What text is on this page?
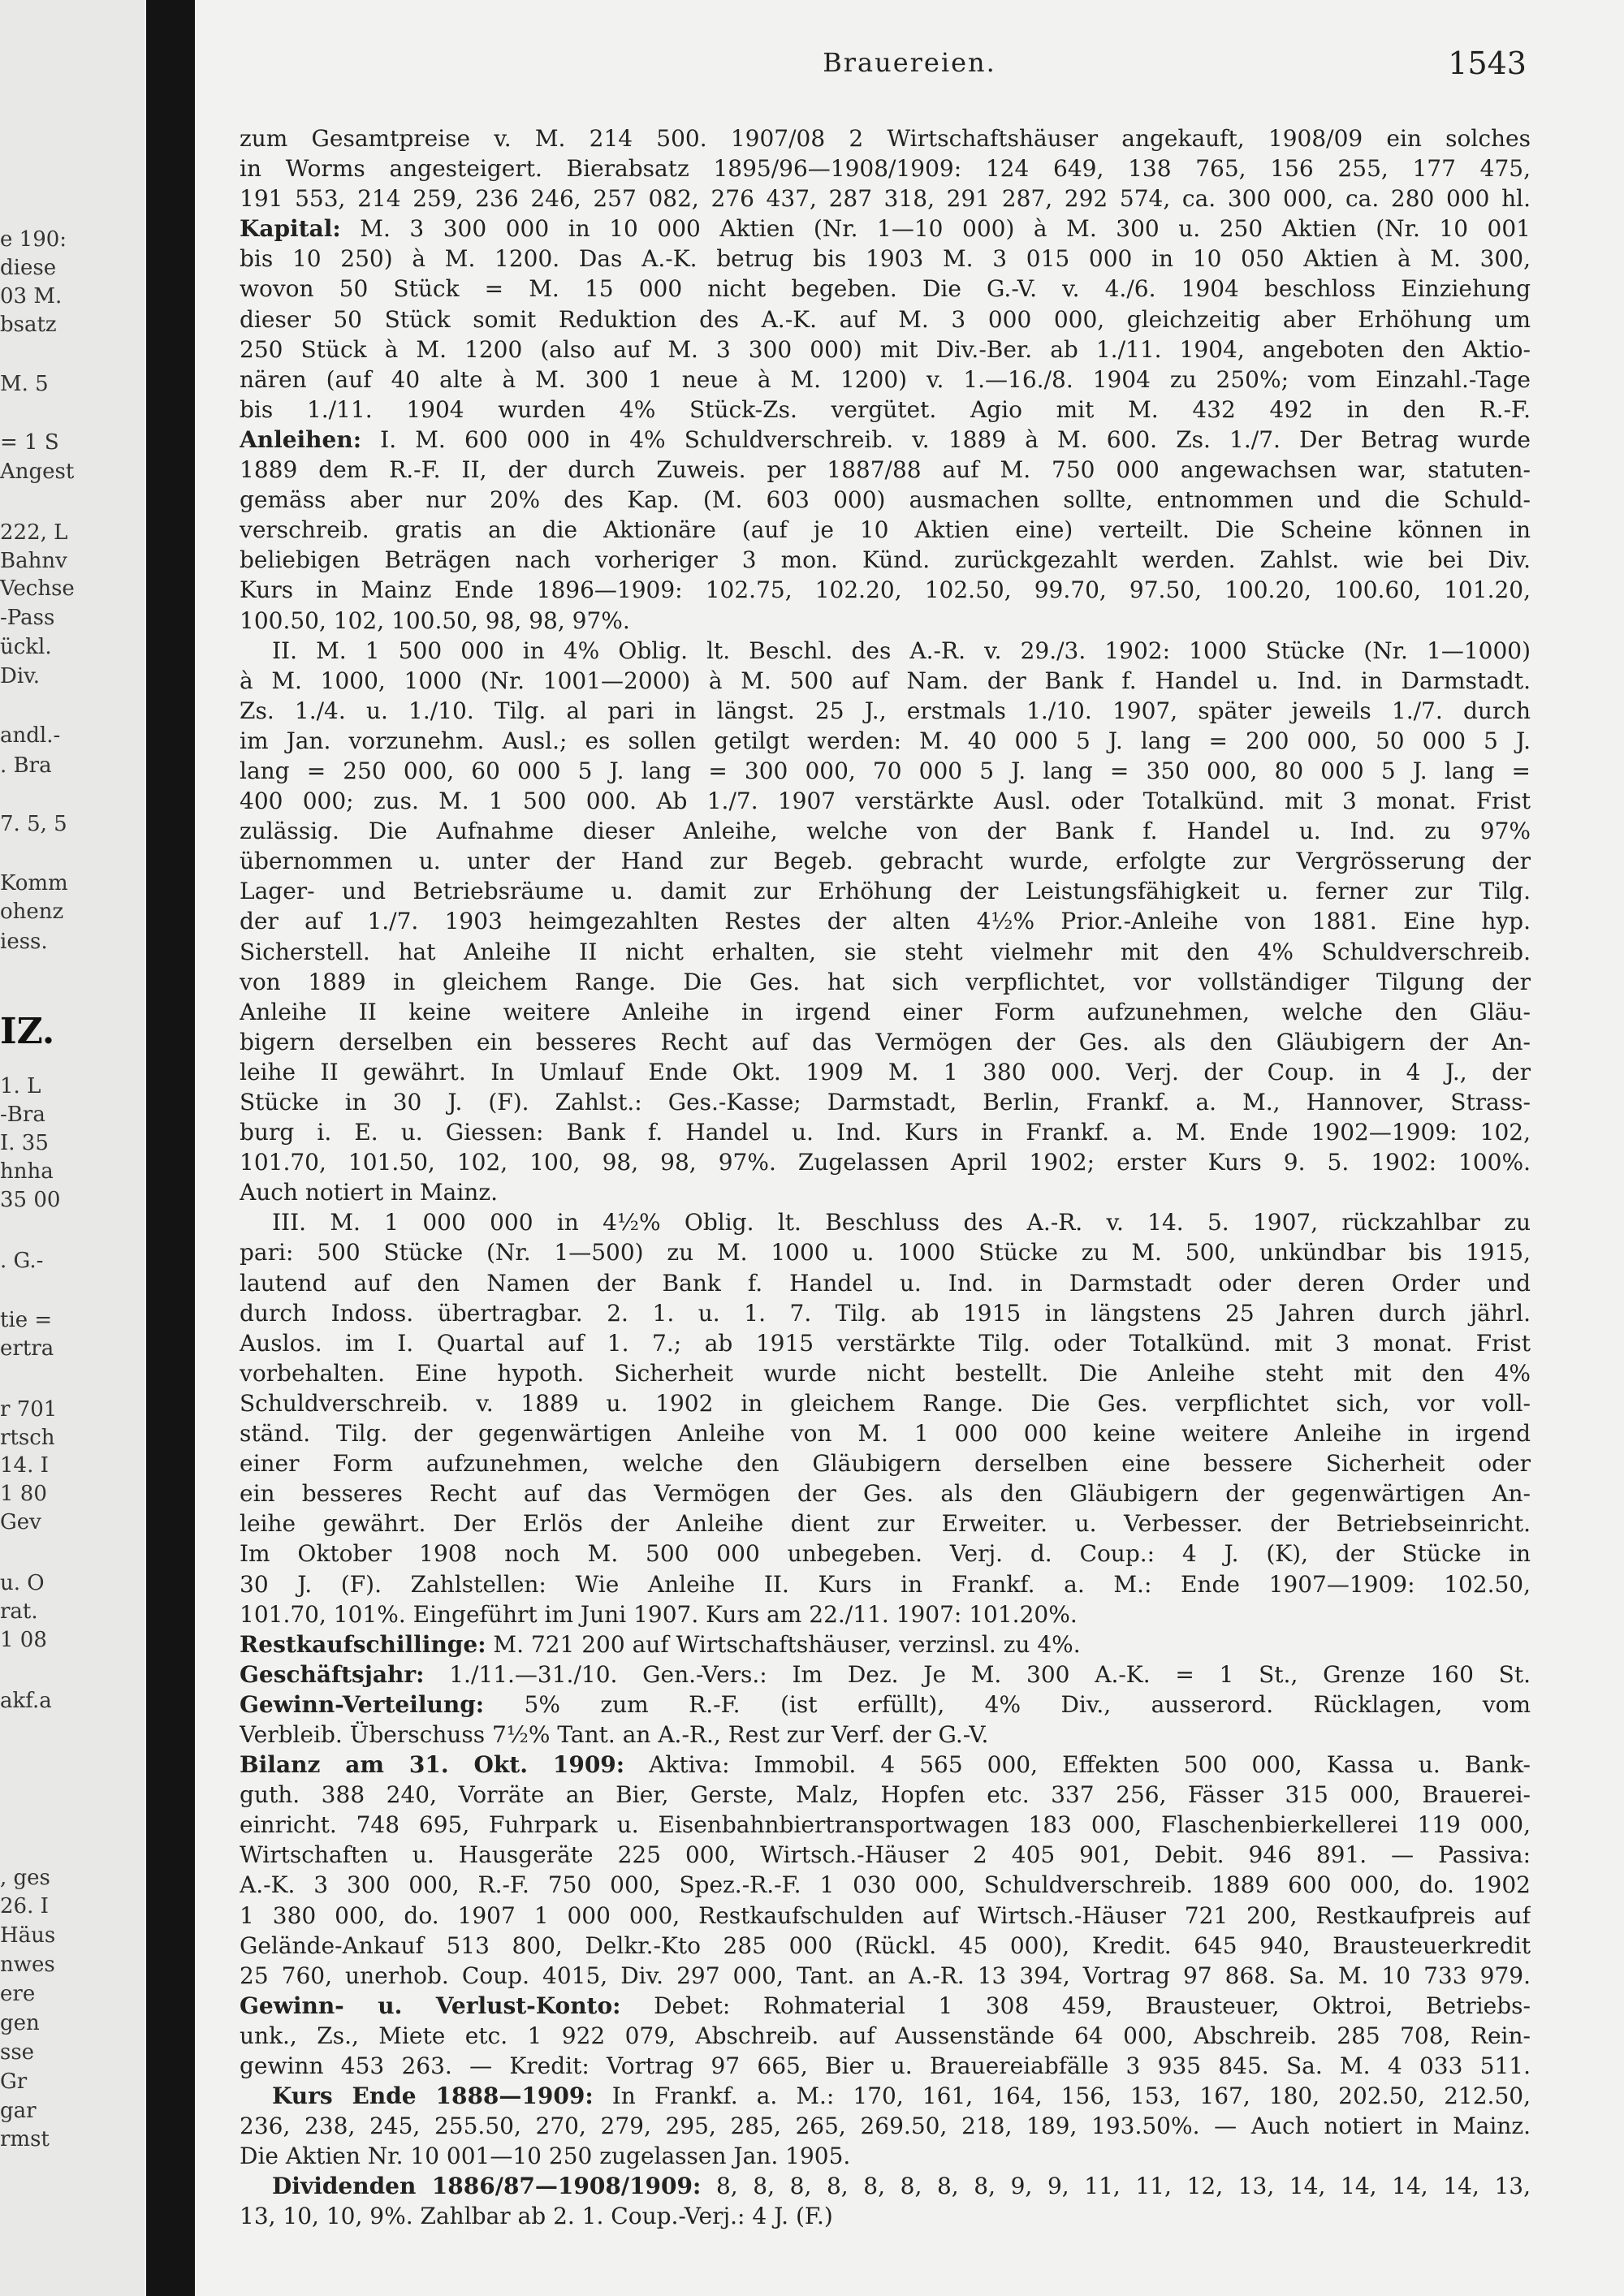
e 190:
diese
03 M.
bsatz
M. 5
= 1 S
Angest
222, L
Bahnv
Vechse
-Pass
ückl.
Div.
andl.-
. Bra
7. 5, 5
Komm
ohenz
iess.
IZ.
1. L
-Bra
I. 35
hnha
35 00
. G.-
tie =
ertra
r 701
rtsch
14. I
1 80
Gev
u. O
rat.
1 08
akf.a
, ges
26. I
Häus
nwes
ere
gen
sse
Gr
gar
rmst
Brauereien.	1543
zum Gesamtpreise v. M. 214 500. 1907/08 2 Wirtschaftshäuser angekauft, 1908/09 ein solches
in Worms angesteigert. Bierabsatz 1895/96—1908/1909: 124 649, 138 765, 156 255, 177 475,
191 553, 214 259, 236 246, 257 082, 276 437, 287 318, 291 287, 292 574, ca. 300 000, ca. 280 000 hl.
Kapital: M. 3 300 000 in 10 000 Aktien (Nr. 1—10 000) à M. 300 u. 250 Aktien (Nr. 10 001
bis 10 250) à M. 1200. Das A.-K. betrug bis 1903 M. 3 015 000 in 10 050 Aktien à M. 300,
wovon 50 Stück = M. 15 000 nicht begeben. Die G.-V. v. 4./6. 1904 beschloss Einziehung
dieser 50 Stück somit Reduktion des A.-K. auf M. 3 000 000, gleichzeitig aber Erhöhung um
250 Stück à M. 1200 (also auf M. 3 300 000) mit Div.-Ber. ab 1./11. 1904, angeboten den Aktio-
nären (auf 40 alte à M. 300 1 neue à M. 1200) v. 1.—16./8. 1904 zu 250%; vom Einzahl.-Tage
bis 1./11. 1904 wurden 4% Stück-Zs. vergütet. Agio mit M. 432 492 in den R.-F.
Anleihen: I. M. 600 000 in 4% Schuldverschreib. v. 1889 à M. 600. Zs. 1./7. Der Betrag wurde
1889 dem R.-F. II, der durch Zuweis. per 1887/88 auf M. 750 000 angewachsen war, statuten-
gemäss aber nur 20% des Kap. (M. 603 000) ausmachen sollte, entnommen und die Schuld-
verschreib. gratis an die Aktionäre (auf je 10 Aktien eine) verteilt. Die Scheine können in
beliebigen Beträgen nach vorheriger 3 mon. Künd. zurückgezahlt werden. Zahlst. wie bei Div.
Kurs in Mainz Ende 1896—1909: 102.75, 102.20, 102.50, 99.70, 97.50, 100.20, 100.60, 101.20,
100.50, 102, 100.50, 98, 98, 97%.
II. M. 1 500 000 in 4% Oblig. lt. Beschl. des A.-R. v. 29./3. 1902: 1000 Stücke (Nr. 1—1000)
à M. 1000, 1000 (Nr. 1001—2000) à M. 500 auf Nam. der Bank f. Handel u. Ind. in Darmstadt.
Zs. 1./4. u. 1./10. Tilg. al pari in längst. 25 J., erstmals 1./10. 1907, später jeweils 1./7. durch
im Jan. vorzunehm. Ausl.; es sollen getilgt werden: M. 40 000 5 J. lang = 200 000, 50 000 5 J.
lang = 250 000, 60 000 5 J. lang = 300 000, 70 000 5 J. lang = 350 000, 80 000 5 J. lang =
400 000; zus. M. 1 500 000. Ab 1./7. 1907 verstärkte Ausl. oder Totalkünd. mit 3 monat. Frist
zulässig. Die Aufnahme dieser Anleihe, welche von der Bank f. Handel u. Ind. zu 97%
übernommen u. unter der Hand zur Begeb. gebracht wurde, erfolgte zur Vergrösserung der
Lager- und Betriebsräume u. damit zur Erhöhung der Leistungsfähigkeit u. ferner zur Tilg.
der auf 1./7. 1903 heimgezahlten Restes der alten 4½% Prior.-Anleihe von 1881. Eine hyp.
Sicherstell. hat Anleihe II nicht erhalten, sie steht vielmehr mit den 4% Schuldverschreib.
von 1889 in gleichem Range. Die Ges. hat sich verpflichtet, vor vollständiger Tilgung der
Anleihe II keine weitere Anleihe in irgend einer Form aufzunehmen, welche den Gläu-
bigern derselben ein besseres Recht auf das Vermögen der Ges. als den Gläubigern der An-
leihe II gewährt. In Umlauf Ende Okt. 1909 M. 1 380 000. Verj. der Coup. in 4 J., der
Stücke in 30 J. (F). Zahlst.: Ges.-Kasse; Darmstadt, Berlin, Frankf. a. M., Hannover, Strass-
burg i. E. u. Giessen: Bank f. Handel u. Ind. Kurs in Frankf. a. M. Ende 1902—1909: 102,
101.70, 101.50, 102, 100, 98, 98, 97%. Zugelassen April 1902; erster Kurs 9. 5. 1902: 100%.
Auch notiert in Mainz.
III. M. 1 000 000 in 4½% Oblig. lt. Beschluss des A.-R. v. 14. 5. 1907, rückzahlbar zu
pari: 500 Stücke (Nr. 1—500) zu M. 1000 u. 1000 Stücke zu M. 500, unkündbar bis 1915,
lautend auf den Namen der Bank f. Handel u. Ind. in Darmstadt oder deren Order und
durch Indoss. übertragbar. 2. 1. u. 1. 7. Tilg. ab 1915 in längstens 25 Jahren durch jährl.
Auslos. im I. Quartal auf 1. 7.; ab 1915 verstärkte Tilg. oder Totalkünd. mit 3 monat. Frist
vorbehalten. Eine hypoth. Sicherheit wurde nicht bestellt. Die Anleihe steht mit den 4%
Schuldverschreib. v. 1889 u. 1902 in gleichem Range. Die Ges. verpflichtet sich, vor voll-
ständ. Tilg. der gegenwärtigen Anleihe von M. 1 000 000 keine weitere Anleihe in irgend
einer Form aufzunehmen, welche den Gläubigern derselben eine bessere Sicherheit oder
ein besseres Recht auf das Vermögen der Ges. als den Gläubigern der gegenwärtigen An-
leihe gewährt. Der Erlös der Anleihe dient zur Erweiter. u. Verbesser. der Betriebseinricht.
Im Oktober 1908 noch M. 500 000 unbegeben. Verj. d. Coup.: 4 J. (K), der Stücke in
30 J. (F). Zahlstellen: Wie Anleihe II. Kurs in Frankf. a. M.: Ende 1907—1909: 102.50,
101.70, 101%. Eingeführt im Juni 1907. Kurs am 22./11. 1907: 101.20%.
Restkaufschillinge: M. 721 200 auf Wirtschaftshäuser, verzinsl. zu 4%.
Geschäftsjahr: 1./11.—31./10. Gen.-Vers.: Im Dez. Je M. 300 A.-K. = 1 St., Grenze 160 St.
Gewinn-Verteilung: 5% zum R.-F. (ist erfüllt), 4% Div., ausserord. Rücklagen, vom
Verbleib. Überschuss 7½% Tant. an A.-R., Rest zur Verf. der G.-V.
Bilanz am 31. Okt. 1909: Aktiva: Immobil. 4 565 000, Effekten 500 000, Kassa u. Bank-
guth. 388 240, Vorräte an Bier, Gerste, Malz, Hopfen etc. 337 256, Fässer 315 000, Brauerei-
einricht. 748 695, Fuhrpark u. Eisenbahnbiertransportwagen 183 000, Flaschenbierkellerei 119 000,
Wirtschaften u. Hausgeräte 225 000, Wirtsch.-Häuser 2 405 901, Debit. 946 891. — Passiva:
A.-K. 3 300 000, R.-F. 750 000, Spez.-R.-F. 1 030 000, Schuldverschreib. 1889 600 000, do. 1902
1 380 000, do. 1907 1 000 000, Restkaufschulden auf Wirtsch.-Häuser 721 200, Restkaufpreis auf
Gelände-Ankauf 513 800, Delkr.-Kto 285 000 (Rückl. 45 000), Kredit. 645 940, Brausteuerkredit
25 760, unerhob. Coup. 4015, Div. 297 000, Tant. an A.-R. 13 394, Vortrag 97 868. Sa. M. 10 733 979.
Gewinn- u. Verlust-Konto: Debet: Rohmaterial 1 308 459, Brausteuer, Oktroi, Betriebs-
unk., Zs., Miete etc. 1 922 079, Abschreib. auf Aussenstände 64 000, Abschreib. 285 708, Rein-
gewinn 453 263. — Kredit: Vortrag 97 665, Bier u. Brauereiabfälle 3 935 845. Sa. M. 4 033 511.
Kurs Ende 1888—1909: In Frankf. a. M.: 170, 161, 164, 156, 153, 167, 180, 202.50, 212.50,
236, 238, 245, 255.50, 270, 279, 295, 285, 265, 269.50, 218, 189, 193.50%. — Auch notiert in Mainz.
Die Aktien Nr. 10 001—10 250 zugelassen Jan. 1905.
Dividenden 1886/87—1908/1909: 8, 8, 8, 8, 8, 8, 8, 8, 9, 9, 11, 11, 12, 13, 14, 14, 14, 14, 13,
13, 10, 10, 9%. Zahlbar ab 2. 1. Coup.-Verj.: 4 J. (F.)
